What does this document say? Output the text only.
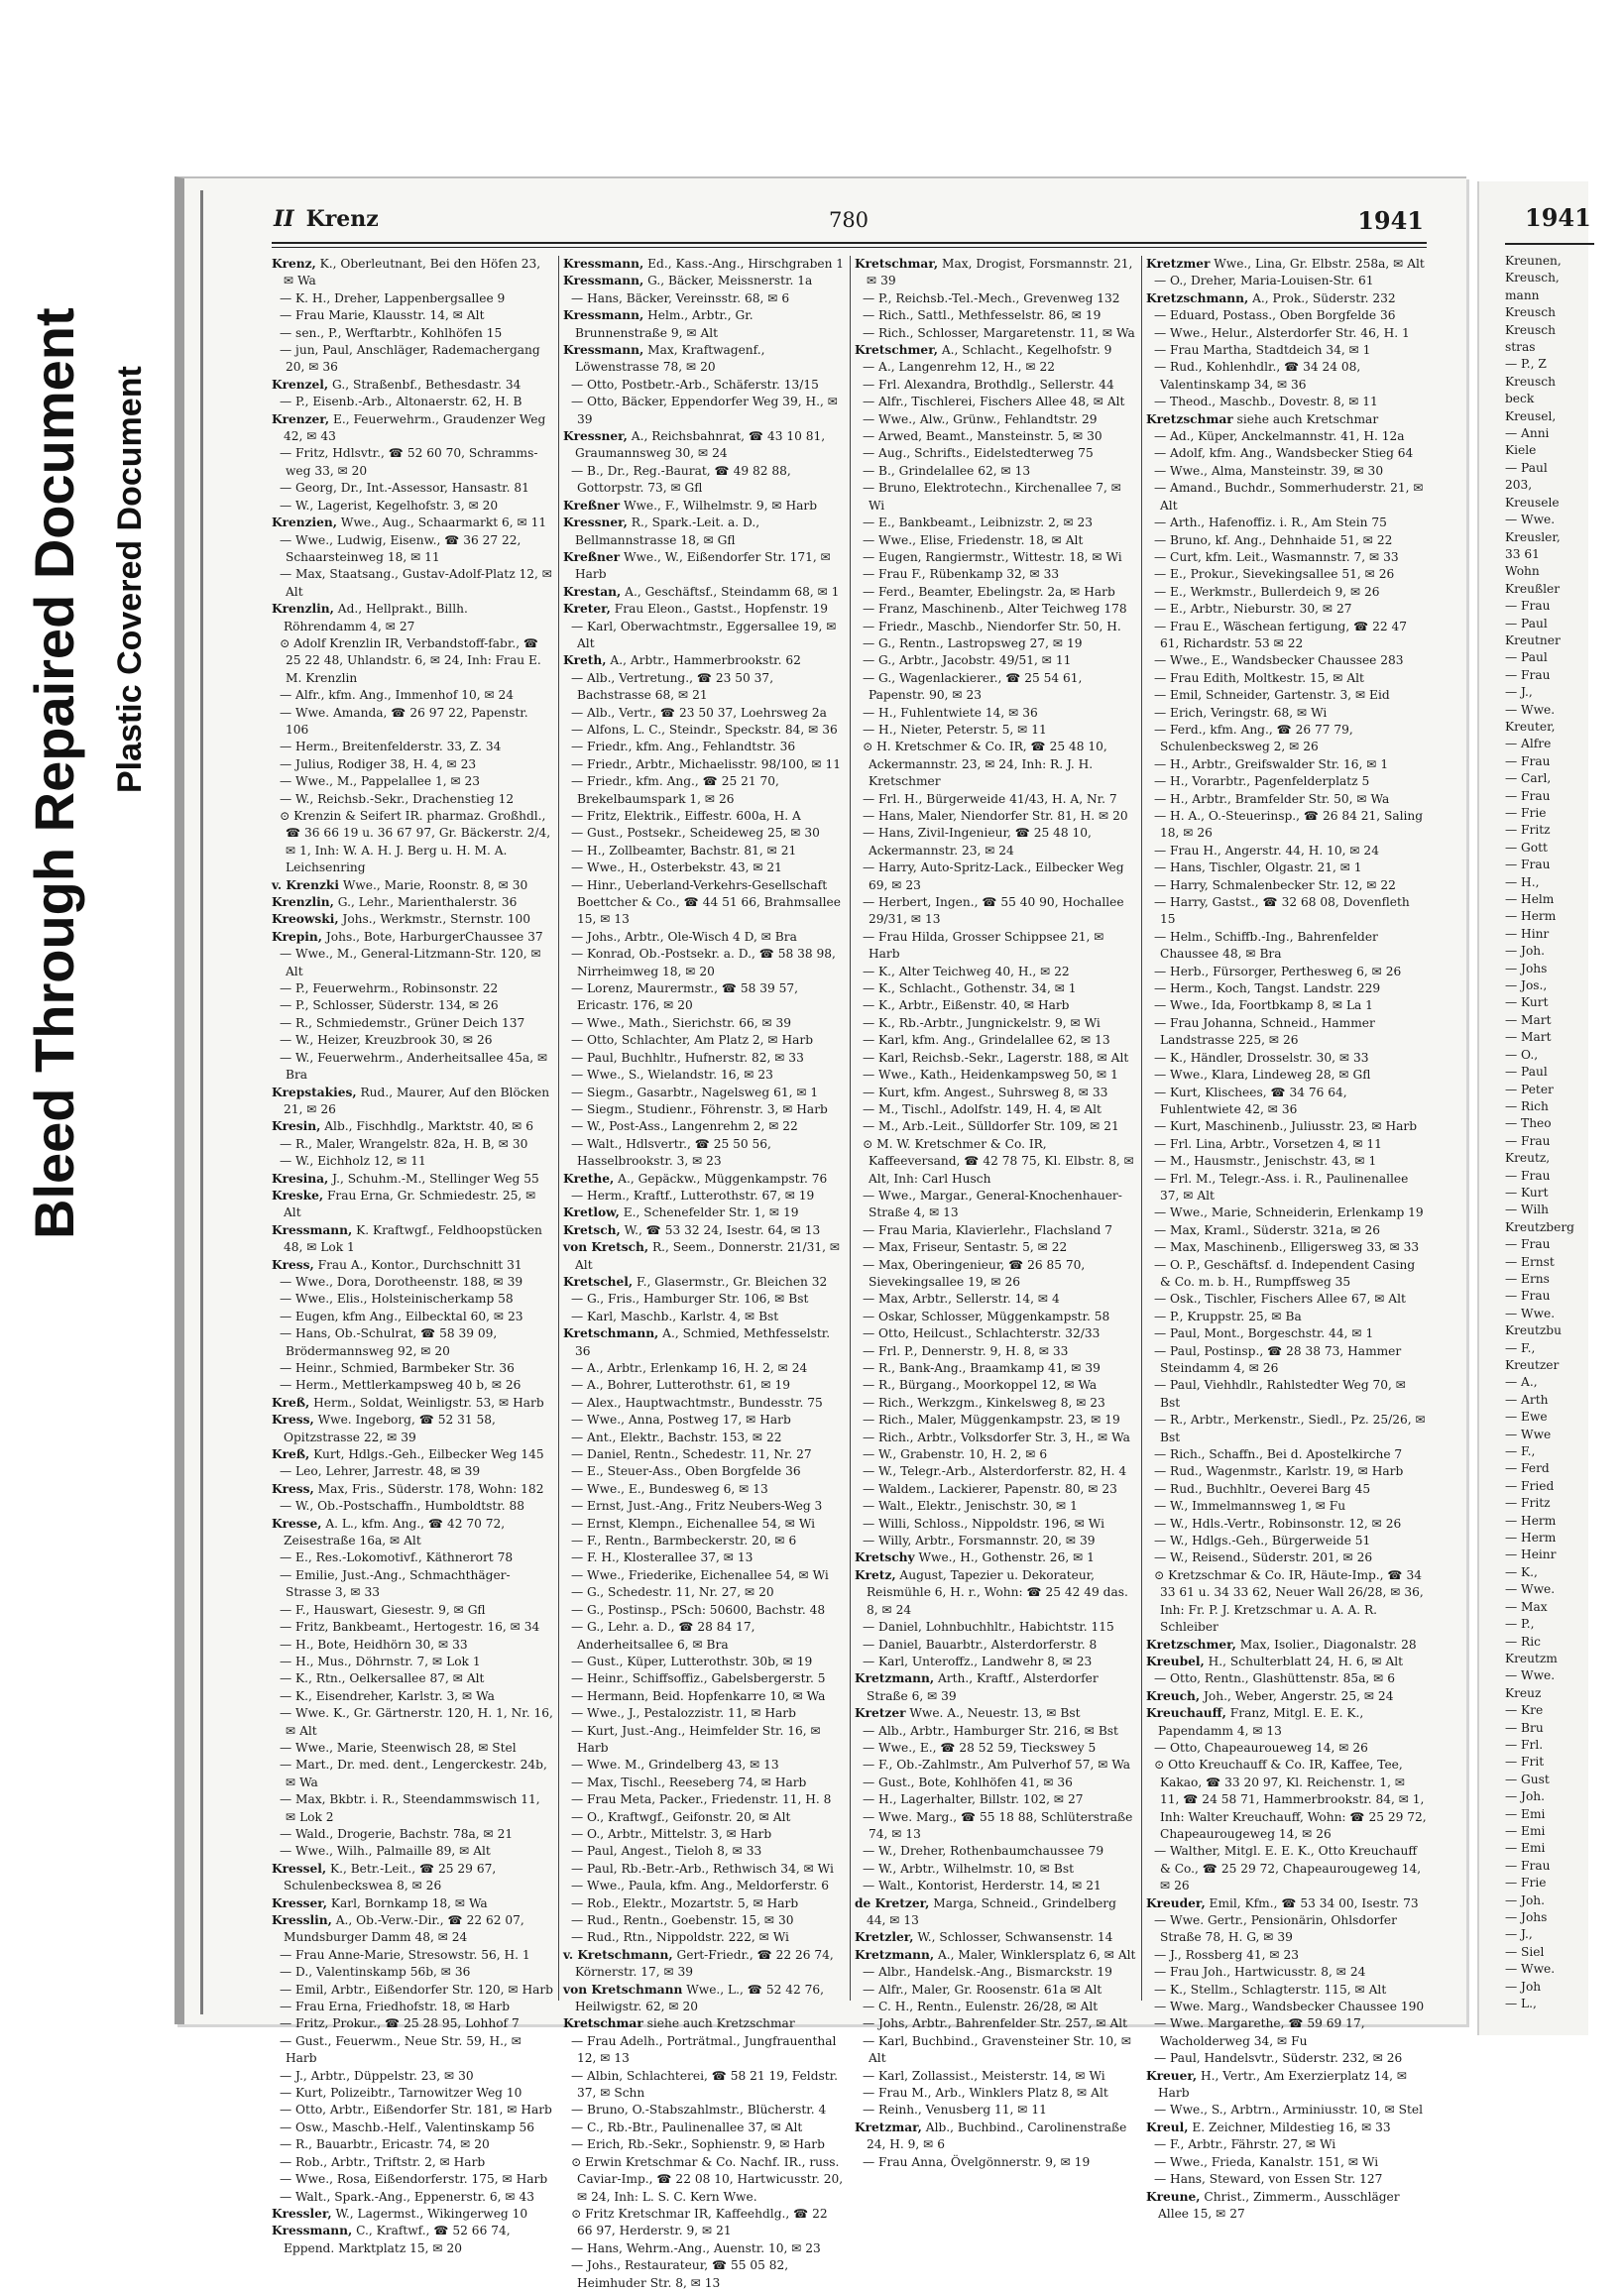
Bleed Through Repaired Document Plastic Covered Document
II Krenz	780	1941

Krenz, K., Oberleutnant, Bei den Höfen 23, ✉ Wa

— K. H., Dreher, Lappenbergsallee 9

— Frau Marie, Klausstr. 14, ✉ Alt

— sen., P., Werftarbtr., Kohlhöfen 15

— jun, Paul, Anschläger, Rademachergang 20, ✉ 36

Krenzel, G., Straßenbf., Bethesdastr. 34

— P., Eisenb.-Arb., Altonaerstr. 62, H. B

Krenzer, E., Feuerwehrm., Graudenzer Weg 42, ✉ 43

— Fritz, Hdlsvtr., ☎ 52 60 70, Schramms-weg 33, ✉ 20

— Georg, Dr., Int.-Assessor, Hansastr. 81

— W., Lagerist, Kegelhofstr. 3, ✉ 20

Krenzien, Wwe., Aug., Schaarmarkt 6, ✉ 11

— Wwe., Ludwig, Eisenw., ☎ 36 27 22, Schaarsteinweg 18, ✉ 11

— Max, Staatsang., Gustav-Adolf-Platz 12, ✉ Alt

Krenzlin, Ad., Hellprakt., Billh. Röhrendamm 4, ✉ 27

⊙ Adolf Krenzlin IR, Verbandstoff-fabr., ☎ 25 22 48, Uhlandstr. 6, ✉ 24, Inh: Frau E. M. Krenzlin

— Alfr., kfm. Ang., Immenhof 10, ✉ 24

— Wwe. Amanda, ☎ 26 97 22, Papenstr. 106

— Herm., Breitenfelderstr. 33, Z. 34

— Julius, Rodiger 38, H. 4, ✉ 23

— Wwe., M., Pappelallee 1, ✉ 23

— W., Reichsb.-Sekr., Drachenstieg 12

⊙ Krenzin & Seifert IR. pharmaz. Großhdl., ☎ 36 66 19 u. 36 67 97, Gr. Bäckerstr. 2/4, ✉ 1, Inh: W. A. H. J. Berg u. H. M. A. Leichsenring

v. Krenzki Wwe., Marie, Roonstr. 8, ✉ 30

Krenzlin, G., Lehr., Marienthalerstr. 36

Kreowski, Johs., Werkmstr., Sternstr. 100

Krepin, Johs., Bote, HarburgerChaussee 37

— Wwe., M., General-Litzmann-Str. 120, ✉ Alt

— P., Feuerwehrm., Robinsonstr. 22

— P., Schlosser, Süderstr. 134, ✉ 26

— R., Schmiedemstr., Grüner Deich 137

— W., Heizer, Kreuzbrook 30, ✉ 26

— W., Feuerwehrm., Anderheitsallee 45a, ✉ Bra

Krepstakies, Rud., Maurer, Auf den Blöcken 21, ✉ 26

Kresin, Alb., Fischhdlg., Marktstr. 40, ✉ 6

— R., Maler, Wrangelstr. 82a, H. B, ✉ 30

— W., Eichholz 12, ✉ 11

Kresina, J., Schuhm.-M., Stellinger Weg 55

Kreske, Frau Erna, Gr. Schmiedestr. 25, ✉ Alt

Kressmann, K. Kraftwgf., Feldhoopstücken 48, ✉ Lok 1

Kress, Frau A., Kontor., Durchschnitt 31

— Wwe., Dora, Dorotheenstr. 188, ✉ 39

— Wwe., Elis., Holsteinischerkamp 58

— Eugen, kfm Ang., Eilbecktal 60, ✉ 23

— Hans, Ob.-Schulrat, ☎ 58 39 09, Brödermannsweg 92, ✉ 20

— Heinr., Schmied, Barmbeker Str. 36

— Herm., Mettlerkampsweg 40 b, ✉ 26

Kreß, Herm., Soldat, Weinligstr. 53, ✉ Harb

Kress, Wwe. Ingeborg, ☎ 52 31 58, Opitzstrasse 22, ✉ 39

Kreß, Kurt, Hdlgs.-Geh., Eilbecker Weg 145

— Leo, Lehrer, Jarrestr. 48, ✉ 39

Kress, Max, Fris., Süderstr. 178, Wohn: 182

— W., Ob.-Postschaffn., Humboldtstr. 88

Kresse, A. L., kfm. Ang., ☎ 42 70 72, Zeisestraße 16a, ✉ Alt

— E., Res.-Lokomotivf., Käthnerort 78

— Emilie, Just.-Ang., Schmachthäger-Strasse 3, ✉ 33

— F., Hauswart, Giesestr. 9, ✉ Gfl

— Fritz, Bankbeamt., Hertogestr. 16, ✉ 34

— H., Bote, Heidhörn 30, ✉ 33

— H., Mus., Döhrnstr. 7, ✉ Lok 1

— K., Rtn., Oelkersallee 87, ✉ Alt

— K., Eisendreher, Karlstr. 3, ✉ Wa

— Wwe. K., Gr. Gärtnerstr. 120, H. 1, Nr. 16, ✉ Alt

— Wwe., Marie, Steenwisch 28, ✉ Stel

— Mart., Dr. med. dent., Lengerckestr. 24b, ✉ Wa

— Max, Bkbtr. i. R., Steendammswisch 11, ✉ Lok 2

— Wald., Drogerie, Bachstr. 78a, ✉ 21

— Wwe., Wilh., Palmaille 89, ✉ Alt

Kressel, K., Betr.-Leit., ☎ 25 29 67, Schulenbeckswea 8, ✉ 26

Kresser, Karl, Bornkamp 18, ✉ Wa

Kresslin, A., Ob.-Verw.-Dir., ☎ 22 62 07, Mundsburger Damm 48, ✉ 24

— Frau Anne-Marie, Stresowstr. 56, H. 1

— D., Valentinskamp 56b, ✉ 36

— Emil, Arbtr., Eißendorfer Str. 120, ✉ Harb

— Frau Erna, Friedhofstr. 18, ✉ Harb

— Fritz, Prokur., ☎ 25 28 95, Lohhof 7

— Gust., Feuerwm., Neue Str. 59, H., ✉ Harb

— J., Arbtr., Düppelstr. 23, ✉ 30

— Kurt, Polizeibtr., Tarnowitzer Weg 10

— Otto, Arbtr., Eißendorfer Str. 181, ✉ Harb

— Osw., Maschb.-Helf., Valentinskamp 56

— R., Bauarbtr., Ericastr. 74, ✉ 20

— Rob., Arbtr., Triftstr. 2, ✉ Harb

— Wwe., Rosa, Eißendorferstr. 175, ✉ Harb

— Walt., Spark.-Ang., Eppenerstr. 6, ✉ 43

Kressler, W., Lagermst., Wikingerweg 10

Kressmann, C., Kraftwf., ☎ 52 66 74, Eppend. Marktplatz 15, ✉ 20

Kressmann, Ed., Kass.-Ang., Hirschgraben 1

Kressmann, G., Bäcker, Meissnerstr. 1a

— Hans, Bäcker, Vereinsstr. 68, ✉ 6

Kressmann, Helm., Arbtr., Gr. Brunnenstraße 9, ✉ Alt

Kressmann, Max, Kraftwagenf., Löwenstrasse 78, ✉ 20

— Otto, Postbetr.-Arb., Schäferstr. 13/15

— Otto, Bäcker, Eppendorfer Weg 39, H., ✉ 39

Kressner, A., Reichsbahnrat, ☎ 43 10 81, Graumannsweg 30, ✉ 24

— B., Dr., Reg.-Baurat, ☎ 49 82 88, Gottorpstr. 73, ✉ Gfl

Kreßner Wwe., F., Wilhelmstr. 9, ✉ Harb

Kressner, R., Spark.-Leit. a. D., Bellmannstrasse 18, ✉ Gfl

Kreßner Wwe., W., Eißendorfer Str. 171, ✉ Harb

Krestan, A., Geschäftsf., Steindamm 68, ✉ 1

Kreter, Frau Eleon., Gastst., Hopfenstr. 19

— Karl, Oberwachtmstr., Eggersallee 19, ✉ Alt

Kreth, A., Arbtr., Hammerbrookstr. 62

— Alb., Vertretung., ☎ 23 50 37, Bachstrasse 68, ✉ 21

— Alb., Vertr., ☎ 23 50 37, Loehrsweg 2a

— Alfons, L. C., Steindr., Speckstr. 84, ✉ 36

— Friedr., kfm. Ang., Fehlandtstr. 36

— Friedr., Arbtr., Michaelisstr. 98/100, ✉ 11

— Friedr., kfm. Ang., ☎ 25 21 70, Brekelbaumspark 1, ✉ 26

— Fritz, Elektrik., Eiffestr. 600a, H. A

— Gust., Postsekr., Scheideweg 25, ✉ 30

— H., Zollbeamter, Bachstr. 81, ✉ 21

— Wwe., H., Osterbekstr. 43, ✉ 21

— Hinr., Ueberland-Verkehrs-Gesellschaft Boettcher & Co., ☎ 44 51 66, Brahmsallee 15, ✉ 13

— Johs., Arbtr., Ole-Wisch 4 D, ✉ Bra

— Konrad, Ob.-Postsekr. a. D., ☎ 58 38 98, Nirrheimweg 18, ✉ 20

— Lorenz, Maurermstr., ☎ 58 39 57, Ericastr. 176, ✉ 20

— Wwe., Math., Sierichstr. 66, ✉ 39

— Otto, Schlachter, Am Platz 2, ✉ Harb

— Paul, Buchhltr., Hufnerstr. 82, ✉ 33

— Wwe., S., Wielandstr. 16, ✉ 23

— Siegm., Gasarbtr., Nagelsweg 61, ✉ 1

— Siegm., Studienr., Föhrenstr. 3, ✉ Harb

— W., Post-Ass., Langenrehm 2, ✉ 22

— Walt., Hdlsvertr., ☎ 25 50 56, Hasselbrookstr. 3, ✉ 23

Krethe, A., Gepäckw., Müggenkampstr. 76

— Herm., Kraftf., Lutterothstr. 67, ✉ 19

Kretlow, E., Schenefelder Str. 1, ✉ 19

Kretsch, W., ☎ 53 32 24, Isestr. 64, ✉ 13

von Kretsch, R., Seem., Donnerstr. 21/31, ✉ Alt

Kretschel, F., Glasermstr., Gr. Bleichen 32

— G., Fris., Hamburger Str. 106, ✉ Bst

— Karl, Maschb., Karlstr. 4, ✉ Bst

Kretschmann, A., Schmied, Methfesselstr. 36

— A., Arbtr., Erlenkamp 16, H. 2, ✉ 24

— A., Bohrer, Lutterothstr. 61, ✉ 19

— Alex., Hauptwachtmstr., Bundesstr. 75

— Wwe., Anna, Postweg 17, ✉ Harb

— Ant., Elektr., Bachstr. 153, ✉ 22

— Daniel, Rentn., Schedestr. 11, Nr. 27

— E., Steuer-Ass., Oben Borgfelde 36

— Wwe., E., Bundesweg 6, ✉ 13

— Ernst, Just.-Ang., Fritz Neubers-Weg 3

— Ernst, Klempn., Eichenallee 54, ✉ Wi

— F., Rentn., Barmbeckerstr. 20, ✉ 6

— F. H., Klosterallee 37, ✉ 13

— Wwe., Friederike, Eichenallee 54, ✉ Wi

— G., Schedestr. 11, Nr. 27, ✉ 20

— G., Postinsp., PSch: 50600, Bachstr. 48

— G., Lehr. a. D., ☎ 28 84 17, Anderheitsallee 6, ✉ Bra

— Gust., Küper, Lutterothstr. 30b, ✉ 19

— Heinr., Schiffsoffiz., Gabelsbergerstr. 5

— Hermann, Beid. Hopfenkarre 10, ✉ Wa

— Wwe., J., Pestalozzistr. 11, ✉ Harb

— Kurt, Just.-Ang., Heimfelder Str. 16, ✉ Harb

— Wwe. M., Grindelberg 43, ✉ 13

— Max, Tischl., Reeseberg 74, ✉ Harb

— Frau Meta, Packer., Friedenstr. 11, H. 8

— O., Kraftwgf., Geifonstr. 20, ✉ Alt

— O., Arbtr., Mittelstr. 3, ✉ Harb

— Paul, Angest., Tieloh 8, ✉ 33

— Paul, Rb.-Betr.-Arb., Rethwisch 34, ✉ Wi

— Wwe., Paula, kfm. Ang., Meldorferstr. 6

— Rob., Elektr., Mozartstr. 5, ✉ Harb

— Rud., Rentn., Goebenstr. 15, ✉ 30

— Rud., Rtn., Nippoldstr. 222, ✉ Wi

v. Kretschmann, Gert-Friedr., ☎ 22 26 74, Körnerstr. 17, ✉ 39

von Kretschmann Wwe., L., ☎ 52 42 76, Heilwigstr. 62, ✉ 20

Kretschmar siehe auch Kretzschmar

— Frau Adelh., Porträtmal., Jungfrauenthal 12, ✉ 13

— Albin, Schlachterei, ☎ 58 21 19, Feldstr. 37, ✉ Schn

— Bruno, O.-Stabszahlmstr., Blücherstr. 4

— C., Rb.-Btr., Paulinenallee 37, ✉ Alt

— Erich, Rb.-Sekr., Sophienstr. 9, ✉ Harb

⊙ Erwin Kretschmar & Co. Nachf. IR., russ. Caviar-Imp., ☎ 22 08 10, Hartwicusstr. 20, ✉ 24, Inh: L. S. C. Kern Wwe.

⊙ Fritz Kretschmar IR, Kaffeehdlg., ☎ 22 66 97, Herderstr. 9, ✉ 21

— Hans, Wehrm.-Ang., Auenstr. 10, ✉ 23

— Johs., Restaurateur, ☎ 55 05 82, Heimhuder Str. 8, ✉ 13

Kretschmar, Max, Drogist, Forsmannstr. 21, ✉ 39

— P., Reichsb.-Tel.-Mech., Grevenweg 132

— Rich., Sattl., Methfesselstr. 86, ✉ 19

— Rich., Schlosser, Margaretenstr. 11, ✉ Wa

Kretschmer, A., Schlacht., Kegelhofstr. 9

— A., Langenrehm 12, H., ✉ 22

— Frl. Alexandra, Brothdlg., Sellerstr. 44

— Alfr., Tischlerei, Fischers Allee 48, ✉ Alt

— Wwe., Alw., Grünw., Fehlandtstr. 29

— Arwed, Beamt., Mansteinstr. 5, ✉ 30

— Aug., Schrifts., Eidelstedterweg 75

— B., Grindelallee 62, ✉ 13

— Bruno, Elektrotechn., Kirchenallee 7, ✉ Wi

— E., Bankbeamt., Leibnizstr. 2, ✉ 23

— Wwe., Elise, Friedenstr. 18, ✉ Alt

— Eugen, Rangiermstr., Wittestr. 18, ✉ Wi

— Frau F., Rübenkamp 32, ✉ 33

— Ferd., Beamter, Ebelingstr. 2a, ✉ Harb

— Franz, Maschinenb., Alter Teichweg 178

— Friedr., Maschb., Niendorfer Str. 50, H.

— G., Rentn., Lastropsweg 27, ✉ 19

— G., Arbtr., Jacobstr. 49/51, ✉ 11

— G., Wagenlackierer., ☎ 25 54 61, Papenstr. 90, ✉ 23

— H., Fuhlentwiete 14, ✉ 36

— H., Nieter, Peterstr. 5, ✉ 11

⊙ H. Kretschmer & Co. IR, ☎ 25 48 10, Ackermannstr. 23, ✉ 24, Inh: R. J. H. Kretschmer

— Frl. H., Bürgerweide 41/43, H. A, Nr. 7

— Hans, Maler, Niendorfer Str. 81, H. ✉ 20

— Hans, Zivil-Ingenieur, ☎ 25 48 10, Ackermannstr. 23, ✉ 24

— Harry, Auto-Spritz-Lack., Eilbecker Weg 69, ✉ 23

— Herbert, Ingen., ☎ 55 40 90, Hochallee 29/31, ✉ 13

— Frau Hilda, Grosser Schippsee 21, ✉ Harb

— K., Alter Teichweg 40, H., ✉ 22

— K., Schlacht., Gothenstr. 34, ✉ 1

— K., Arbtr., Eißenstr. 40, ✉ Harb

— K., Rb.-Arbtr., Jungnickelstr. 9, ✉ Wi

— Karl, kfm. Ang., Grindelallee 62, ✉ 13

— Karl, Reichsb.-Sekr., Lagerstr. 188, ✉ Alt

— Wwe., Kath., Heidenkampsweg 50, ✉ 1

— Kurt, kfm. Angest., Suhrsweg 8, ✉ 33

— M., Tischl., Adolfstr. 149, H. 4, ✉ Alt

— M., Arb.-Leit., Sülldorfer Str. 109, ✉ 21

⊙ M. W. Kretschmer & Co. IR, Kaffeeversand, ☎ 42 78 75, Kl. Elbstr. 8, ✉ Alt, Inh: Carl Husch

— Wwe., Margar., General-Knochenhauer-Straße 4, ✉ 13

— Frau Maria, Klavierlehr., Flachsland 7

— Max, Friseur, Sentastr. 5, ✉ 22

— Max, Oberingenieur, ☎ 26 85 70, Sievekingsallee 19, ✉ 26

— Max, Arbtr., Sellerstr. 14, ✉ 4

— Oskar, Schlosser, Müggenkampstr. 58

— Otto, Heilcust., Schlachterstr. 32/33

— Frl. P., Dennerstr. 9, H. 8, ✉ 33

— R., Bank-Ang., Braamkamp 41, ✉ 39

— R., Bürgang., Moorkoppel 12, ✉ Wa

— Rich., Werkzgm., Kinkelsweg 8, ✉ 23

— Rich., Maler, Müggenkampstr. 23, ✉ 19

— Rich., Arbtr., Volksdorfer Str. 3, H., ✉ Wa

— W., Grabenstr. 10, H. 2, ✉ 6

— W., Telegr.-Arb., Alsterdorferstr. 82, H. 4

— Waldem., Lackierer, Papenstr. 80, ✉ 23

— Walt., Elektr., Jenischstr. 30, ✉ 1

— Willi, Schloss., Nippoldstr. 196, ✉ Wi

— Willy, Arbtr., Forsmannstr. 20, ✉ 39

Kretschy Wwe., H., Gothenstr. 26, ✉ 1

Kretz, August, Tapezier u. Dekorateur, Reismühle 6, H. r., Wohn: ☎ 25 42 49 das. 8, ✉ 24

— Daniel, Lohnbuchhltr., Habichtstr. 115

— Daniel, Bauarbtr., Alsterdorferstr. 8

— Karl, Unteroffz., Landwehr 8, ✉ 23

Kretzmann, Arth., Kraftf., Alsterdorfer Straße 6, ✉ 39

Kretzer Wwe. A., Neuestr. 13, ✉ Bst

— Alb., Arbtr., Hamburger Str. 216, ✉ Bst

— Wwe., E., ☎ 28 52 59, Tieckswey 5

— F., Ob.-Zahlmstr., Am Pulverhof 57, ✉ Wa

— Gust., Bote, Kohlhöfen 41, ✉ 36

— H., Lagerhalter, Billstr. 102, ✉ 27

— Wwe. Marg., ☎ 55 18 88, Schlüterstraße 74, ✉ 13

— W., Dreher, Rothenbaumchaussee 79

— W., Arbtr., Wilhelmstr. 10, ✉ Bst

— Walt., Kontorist, Herderstr. 14, ✉ 21

de Kretzer, Marga, Schneid., Grindelberg 44, ✉ 13

Kretzler, W., Schlosser, Schwansenstr. 14

Kretzmann, A., Maler, Winklersplatz 6, ✉ Alt

— Albr., Handelsk.-Ang., Bismarckstr. 19

— Alfr., Maler, Gr. Roosenstr. 61a ✉ Alt

— C. H., Rentn., Eulenstr. 26/28, ✉ Alt

— Johs, Arbtr., Bahrenfelder Str. 257, ✉ Alt

— Karl, Buchbind., Gravensteiner Str. 10, ✉ Alt

— Karl, Zollassist., Meisterstr. 14, ✉ Wi

— Frau M., Arb., Winklers Platz 8, ✉ Alt

— Reinh., Venusberg 11, ✉ 11

Kretzmar, Alb., Buchbind., Carolinenstraße 24, H. 9, ✉ 6

— Frau Anna, Övelgönnerstr. 9, ✉ 19

Kretzmer Wwe., Lina, Gr. Elbstr. 258a, ✉ Alt

— O., Dreher, Maria-Louisen-Str. 61

Kretzschmann, A., Prok., Süderstr. 232

— Eduard, Postass., Oben Borgfelde 36

— Wwe., Helur., Alsterdorfer Str. 46, H. 1

— Frau Martha, Stadtdeich 34, ✉ 1

— Rud., Kohlenhdlr., ☎ 34 24 08, Valentinskamp 34, ✉ 36

— Theod., Maschb., Dovestr. 8, ✉ 11

Kretzschmar siehe auch Kretschmar

— Ad., Küper, Anckelmannstr. 41, H. 12a

— Adolf, kfm. Ang., Wandsbecker Stieg 64

— Wwe., Alma, Mansteinstr. 39, ✉ 30

— Amand., Buchdr., Sommerhuderstr. 21, ✉ Alt

— Arth., Hafenoffiz. i. R., Am Stein 75

— Bruno, kf. Ang., Dehnhaide 51, ✉ 22

— Curt, kfm. Leit., Wasmannstr. 7, ✉ 33

— E., Prokur., Sievekingsallee 51, ✉ 26

— E., Werkmstr., Bullerdeich 9, ✉ 26

— E., Arbtr., Nieburstr. 30, ✉ 27

— Frau E., Wäschean fertigung, ☎ 22 47 61, Richardstr. 53 ✉ 22

— Wwe., E., Wandsbecker Chaussee 283

— Frau Edith, Moltkestr. 15, ✉ Alt

— Emil, Schneider, Gartenstr. 3, ✉ Eid

— Erich, Veringstr. 68, ✉ Wi

— Ferd., kfm. Ang., ☎ 26 77 79, Schulenbecksweg 2, ✉ 26

— H., Arbtr., Greifswalder Str. 16, ✉ 1

— H., Vorarbtr., Pagenfelderplatz 5

— H., Arbtr., Bramfelder Str. 50, ✉ Wa

— H. A., O.-Steuerinsp., ☎ 26 84 21, Saling 18, ✉ 26

— Frau H., Angerstr. 44, H. 10, ✉ 24

— Hans, Tischler, Olgastr. 21, ✉ 1

— Harry, Schmalenbecker Str. 12, ✉ 22

— Harry, Gastst., ☎ 32 68 08, Dovenfleth 15

— Helm., Schiffb.-Ing., Bahrenfelder Chaussee 48, ✉ Bra

— Herb., Fürsorger, Perthesweg 6, ✉ 26

— Herm., Koch, Tangst. Landstr. 229

— Wwe., Ida, Foortbkamp 8, ✉ La 1

— Frau Johanna, Schneid., Hammer Landstrasse 225, ✉ 26

— K., Händler, Drosselstr. 30, ✉ 33

— Wwe., Klara, Lindeweg 28, ✉ Gfl

— Kurt, Klischees, ☎ 34 76 64, Fuhlentwiete 42, ✉ 36

— Kurt, Maschinenb., Juliusstr. 23, ✉ Harb

— Frl. Lina, Arbtr., Vorsetzen 4, ✉ 11

— M., Hausmstr., Jenischstr. 43, ✉ 1

— Frl. M., Telegr.-Ass. i. R., Paulinenallee 37, ✉ Alt

— Wwe., Marie, Schneiderin, Erlenkamp 19

— Max, Kraml., Süderstr. 321a, ✉ 26

— Max, Maschinenb., Elligersweg 33, ✉ 33

— O. P., Geschäftsf. d. Independent Casing & Co. m. b. H., Rumpffsweg 35

— Osk., Tischler, Fischers Allee 67, ✉ Alt

— P., Kruppstr. 25, ✉ Ba

— Paul, Mont., Borgeschstr. 44, ✉ 1

— Paul, Postinsp., ☎ 28 38 73, Hammer Steindamm 4, ✉ 26

— Paul, Viehhdlr., Rahlstedter Weg 70, ✉ Bst

— R., Arbtr., Merkenstr., Siedl., Pz. 25/26, ✉ Bst

— Rich., Schaffn., Bei d. Apostelkirche 7

— Rud., Wagenmstr., Karlstr. 19, ✉ Harb

— Rud., Buchhltr., Oeverei Barg 45

— W., Immelmannsweg 1, ✉ Fu

— W., Hdls.-Vertr., Robinsonstr. 12, ✉ 26

— W., Hdlgs.-Geh., Bürgerweide 51

— W., Reisend., Süderstr. 201, ✉ 26

⊙ Kretzschmar & Co. IR, Häute-Imp., ☎ 34 33 61 u. 34 33 62, Neuer Wall 26/28, ✉ 36, Inh: Fr. P. J. Kretzschmar u. A. A. R. Schleiber

Kretzschmer, Max, Isolier., Diagonalstr. 28

Kreubel, H., Schulterblatt 24, H. 6, ✉ Alt

— Otto, Rentn., Glashüttenstr. 85a, ✉ 6

Kreuch, Joh., Weber, Angerstr. 25, ✉ 24

Kreuchauff, Franz, Mitgl. E. E. K., Papendamm 4, ✉ 13

— Otto, Chapeauroueweg 14, ✉ 26

⊙ Otto Kreuchauff & Co. IR, Kaffee, Tee, Kakao, ☎ 33 20 97, Kl. Reichenstr. 1, ✉ 11, ☎ 24 58 71, Hammerbrookstr. 84, ✉ 1, Inh: Walter Kreuchauff, Wohn: ☎ 25 29 72, Chapeaurougeweg 14, ✉ 26

— Walther, Mitgl. E. E. K., Otto Kreuchauff & Co., ☎ 25 29 72, Chapeaurougeweg 14, ✉ 26

Kreuder, Emil, Kfm., ☎ 53 34 00, Isestr. 73

— Wwe. Gertr., Pensionärin, Ohlsdorfer Straße 78, H. G, ✉ 39

— J., Rossberg 41, ✉ 23

— Frau Joh., Hartwicusstr. 8, ✉ 24

— K., Stellm., Schlagterstr. 115, ✉ Alt

— Wwe. Marg., Wandsbecker Chaussee 190

— Wwe. Margarethe, ☎ 59 69 17, Wacholderweg 34, ✉ Fu

— Paul, Handelsvtr., Süderstr. 232, ✉ 26

Kreuer, H., Vertr., Am Exerzierplatz 14, ✉ Harb

— Wwe., S., Arbtrn., Arminiusstr. 10, ✉ Stel

Kreul, E. Zeichner, Mildestieg 16, ✉ 33

— F., Arbtr., Fährstr. 27, ✉ Wi

— Wwe., Frieda, Kanalstr. 151, ✉ Wi

— Hans, Steward, von Essen Str. 127

Kreune, Christ., Zimmerm., Ausschläger Allee 15, ✉ 27

1941
Kreunen,
Kreusch,
mann
Kreusch
Kreusch
stras
— P., Z
Kreusch
beck
Kreusel,
— Anni
Kiele
— Paul
203,
Kreusele
— Wwe.
Kreusler,
33 61
Wohn
Kreußler
— Frau
— Paul
Kreutner
— Paul
— Frau
— J.,
— Wwe.
Kreuter,
— Alfre
— Frau
— Carl,
— Frau
— Frie
— Fritz
— Gott
— Frau
— H.,
— Helm
— Herm
— Hinr
— Joh.
— Johs
— Jos.,
— Kurt
— Mart
— Mart
— O.,
— Paul
— Peter
— Rich
— Theo
— Frau
Kreutz,
— Frau
— Kurt
— Wilh
Kreutzberg
— Frau
— Ernst
— Erns
— Frau
— Wwe.
Kreutzbu
— F.,
Kreutzer
— A.,
— Arth
— Ewe
— Wwe
— F.,
— Ferd
— Fried
— Fritz
— Herm
— Herm
— Heinr
— K.,
— Wwe.
— Max
— P.,
— Ric
Kreutzm
— Wwe.
Kreuz
— Kre
— Bru
— Frl.
— Frit
— Gust
— Joh.
— Emi
— Emi
— Emi
— Frau
— Frie
— Joh.
— Johs
— J.,
— Siel
— Wwe.
— Joh
— L.,
